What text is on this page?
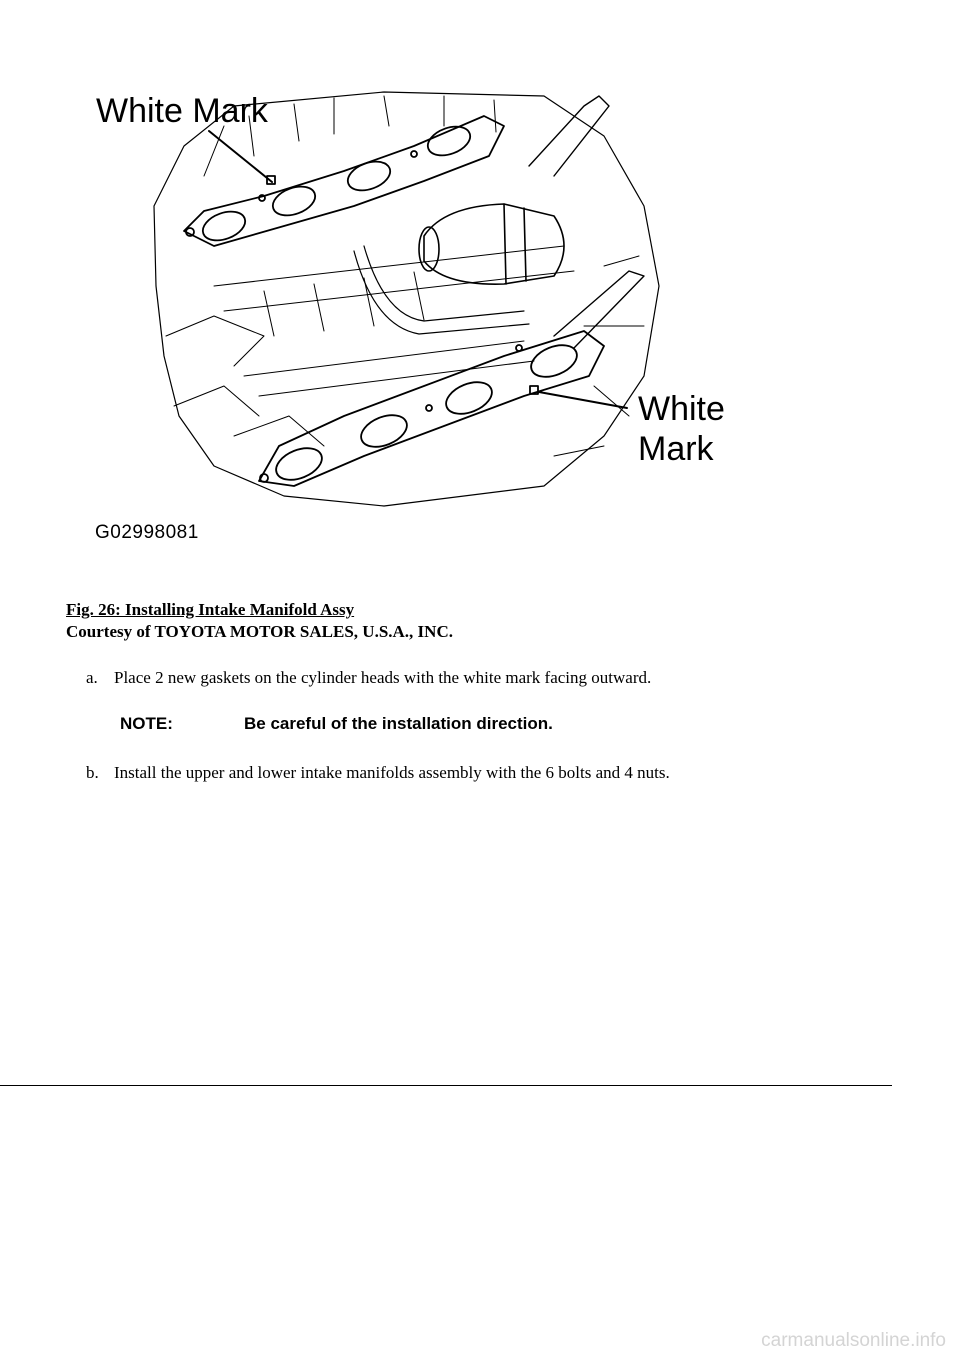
White Mark
White
Mark
G02998081
Fig. 26: Installing Intake Manifold Assy
Courtesy of TOYOTA MOTOR SALES, U.S.A., INC.
a. Place 2 new gaskets on the cylinder heads with the white mark facing outward.
NOTE:	Be careful of the installation direction.
b. Install the upper and lower intake manifolds assembly with the 6 bolts and 4 nuts.
carmanualsonline.info
